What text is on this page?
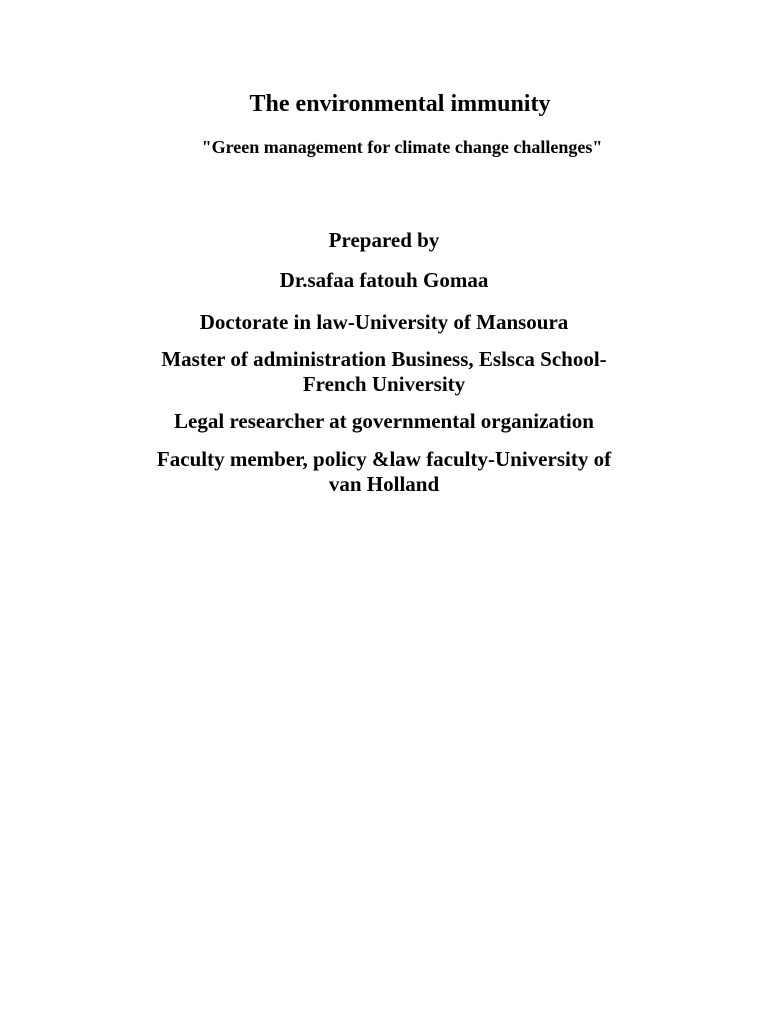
The environmental immunity
"Green management for climate change challenges"
Prepared by
Dr.safaa fatouh Gomaa
Doctorate in law-University of Mansoura
Master of administration Business, Eslsca School-
French University
Legal researcher at governmental organization
Faculty member, policy &law faculty-University of
van Holland
